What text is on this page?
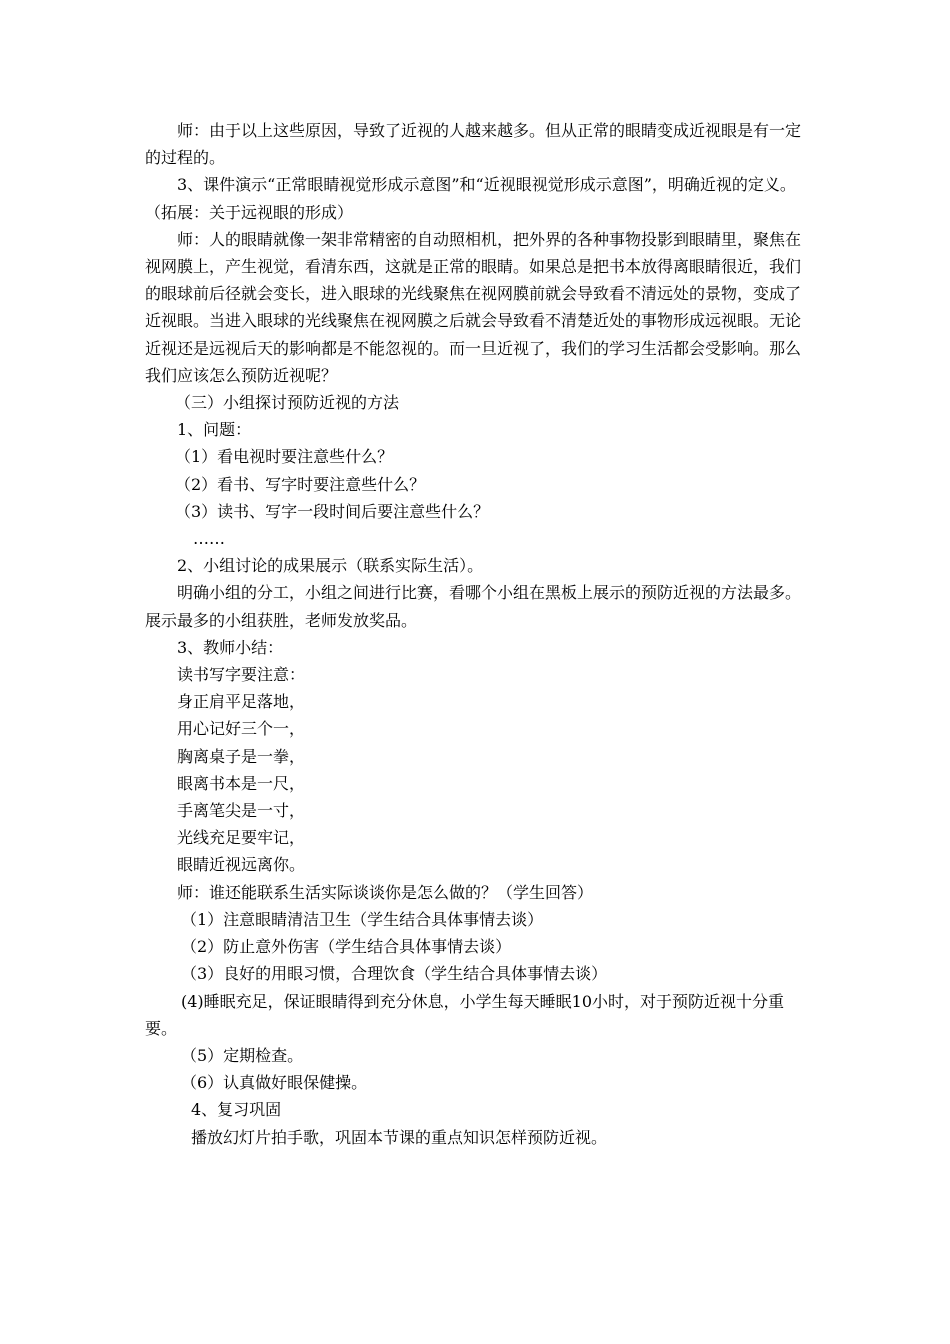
师：由于以上这些原因，导致了近视的人越来越多。但从正常的眼睛变成近视眼是有一定的过程的。

3、课件演示“正常眼睛视觉形成示意图”和“近视眼视觉形成示意图”，明确近视的定义。（拓展：关于远视眼的形成）

师：人的眼睛就像一架非常精密的自动照相机，把外界的各种事物投影到眼睛里，聚焦在视网膜上，产生视觉，看清东西，这就是正常的眼睛。如果总是把书本放得离眼睛很近，我们的眼球前后径就会变长，进入眼球的光线聚焦在视网膜前就会导致看不清远处的景物，变成了近视眼。当进入眼球的光线聚焦在视网膜之后就会导致看不清楚近处的事物形成远视眼。无论近视还是远视后天的影响都是不能忽视的。而一旦近视了，我们的学习生活都会受影响。那么我们应该怎么预防近视呢？

（三）小组探讨预防近视的方法

1、问题：

（1）看电视时要注意些什么？

（2）看书、写字时要注意些什么？

（3）读书、写字一段时间后要注意些什么？

……

2、小组讨论的成果展示（联系实际生活）。

明确小组的分工，小组之间进行比赛，看哪个小组在黑板上展示的预防近视的方法最多。展示最多的小组获胜，老师发放奖品。

3、教师小结：

读书写字要注意：

身正肩平足落地，

用心记好三个一，

胸离桌子是一拳，

眼离书本是一尺，

手离笔尖是一寸，

光线充足要牢记，

眼睛近视远离你。

师：谁还能联系生活实际谈谈你是怎么做的？（学生回答）

（1）注意眼睛清洁卫生（学生结合具体事情去谈）

（2）防止意外伤害（学生结合具体事情去谈）

（3）良好的用眼习惯，合理饮食（学生结合具体事情去谈）

(4)睡眠充足，保证眼睛得到充分休息，小学生每天睡眠10小时，对于预防近视十分重要。

（5）定期检查。

（6）认真做好眼保健操。

4、复习巩固

播放幻灯片拍手歌，巩固本节课的重点知识怎样预防近视。
